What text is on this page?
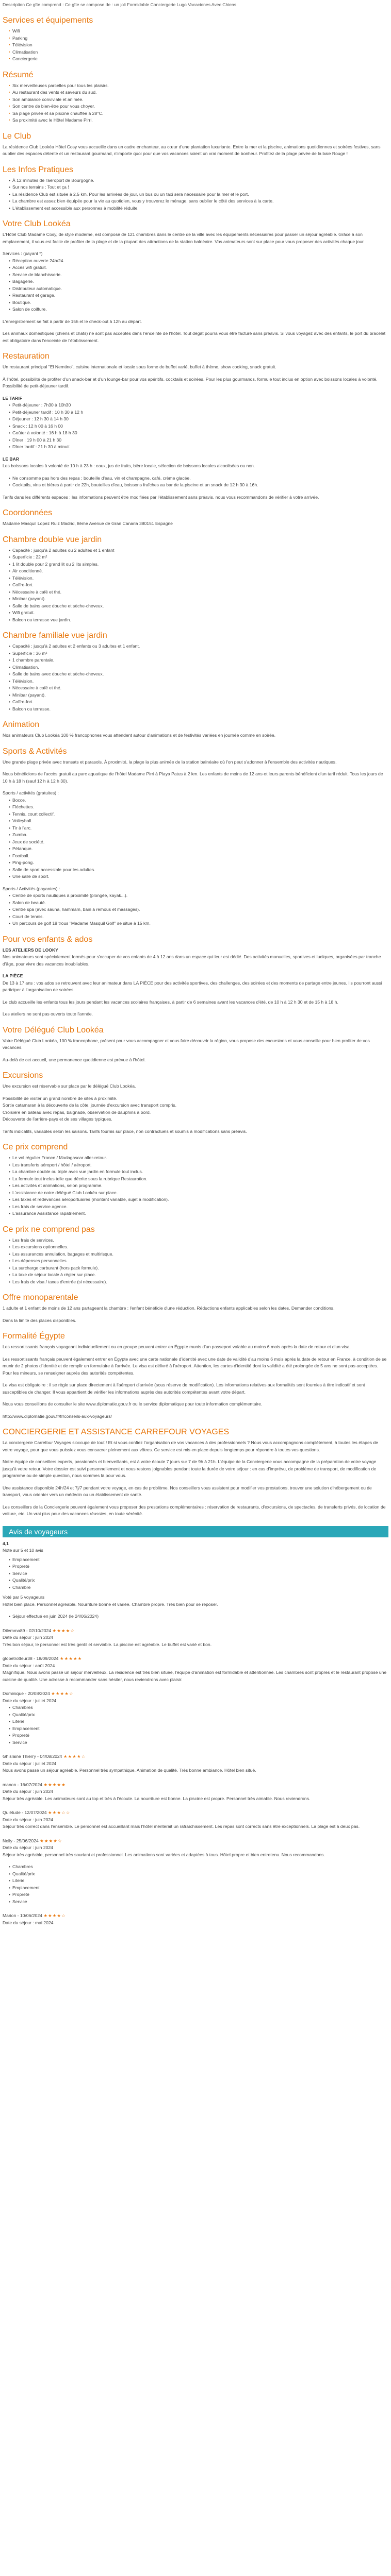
Description Ce gîte comprend : Ce gîte se compose de : un joli Formidable Conciergerie Lugo Vacaciones Avec Chiens
Services et équipements
▪ Wifi
▪ Parking
▪ Télévision
▪ Climatisation
▪ Conciergerie
Résumé
▪ Six merveilleuses parcelles pour tous les plaisirs.
▪ Au restaurant des vents et saveurs du sud.
▪ Son ambiance conviviale et animée.
▪ Son centre de bien-être pour vous choyer.
▪ Sa plage privée et sa piscine chauffée à 28°C.
▪ Sa proximité avec le Hôtel Madame Pirri.
Le Club

La résidence Club Lookéa Hôtel Cosy vous accueille dans un cadre enchanteur, au cœur d'une plantation luxuriante. Entre la mer et la piscine, animations quotidiennes et soirées festives, sans oublier des espaces détente et un restaurant gourmand, n'importe quoi pour que vos vacances soient un vrai moment de bonheur. Profitez de la plage privée de la baie Rouge !

Les Infos Pratiques
• À 12 minutes de l'aéroport de Bourgogne.
• Sur nos terrains : Tout et ça !
• La résidence Club est située à 2,5 km. Pour les arrivées de jour, un bus ou un taxi sera nécessaire pour la mer et le port.
• La chambre est assez bien équipée pour la vie au quotidien, vous y trouverez le ménage, sans oublier le côté des services à la carte.
• L'établissement est accessible aux personnes à mobilité réduite.
Votre Club Lookéa

L'Hôtel Club Madame Cosy, de style moderne, est composé de 121 chambres dans le centre de la ville avec les équipements nécessaires pour passer un séjour agréable. Grâce à son emplacement, il vous est facile de profiter de la plage et de la plupart des attractions de la station balnéaire. Vos animateurs sont sur place pour vous proposer des activités chaque jour.

Services : (payant *)
• Réception ouverte 24h/24.
• Accès wifi gratuit.
• Service de blanchisserie.
• Bagagerie.
• Distributeur automatique.
• Restaurant et garage.
• Boutique.
• Salon de coiffure.

L'enregistrement se fait à partir de 15h et le check-out à 12h au départ.

Les animaux domestiques (chiens et chats) ne sont pas acceptés dans l'enceinte de l'hôtel. Tout dégât pourra vous être facturé sans préavis. Si vous voyagez avec des enfants, le port du bracelet est obligatoire dans l'enceinte de l'établissement.

Restauration

Un restaurant principal "El Nemtino", cuisine internationale et locale sous forme de buffet varié, buffet à thème, show cooking, snack gratuit.

À l'hôtel, possibilité de profiter d'un snack-bar et d'un lounge-bar pour vos apéritifs, cocktails et soirées. Pour les plus gourmands, formule tout inclus en option avec boissons locales à volonté. Possibilité de petit-déjeuner tardif.

LE TARIF
• Petit-déjeuner : 7h30 à 10h30
• Petit-déjeuner tardif : 10 h 30 à 12 h
• Déjeuner : 12 h 30 à 14 h 30
• Snack : 12 h 00 à 16 h 00
• Goûter à volonté : 16 h à 18 h 30
• Dîner : 19 h 00 à 21 h 30
• Dîner tardif : 21 h 30 à minuit
LE BAR

Les boissons locales à volonté de 10 h à 23 h : eaux, jus de fruits, bière locale, sélection de boissons locales alcoolisées ou non.

• Ne consomme pas hors des repas : bouteille d'eau, vin et champagne, café, crème glacée.
• Cocktails, vins et bières à partir de 22h, bouteilles d'eau, boissons fraîches au bar de la piscine et un snack de 12 h 30 à 16h.

Tarifs dans les différents espaces : les informations peuvent être modifiées par l'établissement sans préavis, nous vous recommandons de vérifier à votre arrivée.

Coordonnées

Madame Masquil Lopez Ruiz Madrid, 8ème Avenue de Gran Canaria 380151 Espagne

Chambre double vue jardin
• Capacité : jusqu'à 2 adultes ou 2 adultes et 1 enfant
• Superficie : 22 m²
• 1 lit double pour 2 grand lit ou 2 lits simples.
• Air conditionné.
• Télévision.
• Coffre-fort.
• Nécessaire à café et thé.
• Minibar (payant).
• Salle de bains avec douche et sèche-cheveux.
• Wifi gratuit.
• Balcon ou terrasse vue jardin.
Chambre familiale vue jardin
• Capacité : jusqu'à 2 adultes et 2 enfants ou 3 adultes et 1 enfant.
• Superficie : 36 m²
• 1 chambre parentale.
• Climatisation.
• Salle de bains avec douche et sèche-cheveux.
• Télévision.
• Nécessaire à café et thé.
• Minibar (payant).
• Coffre-fort.
• Balcon ou terrasse.
Animation

Nos animateurs Club Lookéa 100 % francophones vous attendent autour d'animations et de festivités variées en journée comme en soirée.

Sports & Activités

Une grande plage privée avec transats et parasols. À proximité, la plage la plus animée de la station balnéaire où l'on peut s'adonner à l'ensemble des activités nautiques.

Nous bénéficions de l'accès gratuit au parc aquatique de l'hôtel Madame Pirri à Playa Patus à 2 km. Les enfants de moins de 12 ans et leurs parents bénéficient d'un tarif réduit. Tous les jours de 10 h à 18 h (sauf 12 h à 12 h 30).

Sports / activités (gratuites) :
• Bocce.
• Fléchettes.
• Tennis, court collectif.
• Volleyball.
• Tir à l'arc.
• Zumba.
• Jeux de société.
• Pétanque.
• Football.
• Ping-pong.
• Salle de sport accessible pour les adultes.
• Une salle de sport.
Sports / Activités (payantes) :
• Centre de sports nautiques à proximité (plongée, kayak...).
• Salon de beauté.
• Centre spa (avec sauna, hammam, bain à remous et massages).
• Court de tennis.
• Un parcours de golf 18 trous "Madame Masquil Golf" se situe à 15 km.
Pour vos enfants & ados
LES ATELIERS DE LOOKY

Nos animateurs sont spécialement formés pour s'occuper de vos enfants de 4 à 12 ans dans un espace qui leur est dédié. Des activités manuelles, sportives et ludiques, organisées par tranche d'âge, pour vivre des vacances inoubliables.

LA PIÈCE

De 13 à 17 ans : vos ados se retrouvent avec leur animateur dans LA PIÈCE pour des activités sportives, des challenges, des soirées et des moments de partage entre jeunes. Ils pourront aussi participer à l'organisation de soirées.

Le club accueille les enfants tous les jours pendant les vacances scolaires françaises, à partir de 6 semaines avant les vacances d'été, de 10 h à 12 h 30 et de 15 h à 18 h.

Les ateliers ne sont pas ouverts toute l'année.

Votre Délégué Club Lookéa

Votre Délégué Club Lookéa, 100 % francophone, présent pour vous accompagner et vous faire découvrir la région, vous propose des excursions et vous conseille pour bien profiter de vos vacances.

Au-delà de cet accueil, une permanence quotidienne est prévue à l'hôtel.

Excursions

Une excursion est réservable sur place par le délégué Club Lookéa.

Possibilité de visiter un grand nombre de sites à proximité.
Sortie catamaran à la découverte de la côte, journée d'excursion avec transport compris.
Croisière en bateau avec repas, baignade, observation de dauphins à bord.
Découverte de l'arrière-pays et de ses villages typiques.

Tarifs indicatifs, variables selon les saisons. Tarifs fournis sur place, non contractuels et soumis à modifications sans préavis.

Ce prix comprend
• Le vol régulier France / Madagascar aller-retour.
• Les transferts aéroport / hôtel / aéroport.
• La chambre double ou triple avec vue jardin en formule tout inclus.
• La formule tout inclus telle que décrite sous la rubrique Restauration.
• Les activités et animations, selon programme.
• L'assistance de notre délégué Club Lookéa sur place.
• Les taxes et redevances aéroportuaires (montant variable, sujet à modification).
• Les frais de service agence.
• L'assurance Assistance rapatriement.
Ce prix ne comprend pas
• Les frais de services.
• Les excursions optionnelles.
• Les assurances annulation, bagages et multirisque.
• Les dépenses personnelles.
• La surcharge carburant (hors pack formule).
• La taxe de séjour locale à régler sur place.
• Les frais de visa / taxes d'entrée (si nécessaire).
Offre monoparentale

1 adulte et 1 enfant de moins de 12 ans partageant la chambre : l'enfant bénéficie d'une réduction. Réductions enfants applicables selon les dates. Demander conditions.

Dans la limite des places disponibles.

Formalité Égypte

Les ressortissants français voyageant individuellement ou en groupe peuvent entrer en Égypte munis d'un passeport valable au moins 6 mois après la date de retour et d'un visa.

Les ressortissants français peuvent également entrer en Égypte avec une carte nationale d'identité avec une date de validité d'au moins 6 mois après la date de retour en France, à condition de se munir de 2 photos d'identité et de remplir un formulaire à l'arrivée. Le visa est délivré à l'aéroport. Attention, les cartes d'identité dont la validité a été prolongée de 5 ans ne sont pas acceptées. Pour les mineurs, se renseigner auprès des autorités compétentes.

Le visa est obligatoire : il se règle sur place directement à l'aéroport d'arrivée (sous réserve de modification). Les informations relatives aux formalités sont fournies à titre indicatif et sont susceptibles de changer. Il vous appartient de vérifier les informations auprès des autorités compétentes avant votre départ.

Nous vous conseillons de consulter le site www.diplomatie.gouv.fr ou le service diplomatique pour toute information complémentaire.

http://www.diplomatie.gouv.fr/fr/conseils-aux-voyageurs/

CONCIERGERIE ET ASSISTANCE CARREFOUR VOYAGES

La conciergerie Carrefour Voyages s'occupe de tout ! Et si vous confiez l'organisation de vos vacances à des professionnels ? Nous vous accompagnons complètement, à toutes les étapes de votre voyage, pour que vous puissiez vous consacrer pleinement aux vôtres. Ce service est mis en place depuis longtemps pour répondre à toutes vos questions.

Notre équipe de conseillers experts, passionnés et bienveillants, est à votre écoute 7 jours sur 7 de 9h à 21h. L'équipe de la Conciergerie vous accompagne de la préparation de votre voyage jusqu'à votre retour. Votre dossier est suivi personnellement et nous restons joignables pendant toute la durée de votre séjour : en cas d'imprévu, de problème de transport, de modification de programme ou de simple question, nous sommes là pour vous.

Une assistance disponible 24h/24 et 7j/7 pendant votre voyage, en cas de problème. Nos conseillers vous assistent pour modifier vos prestations, trouver une solution d'hébergement ou de transport, vous orienter vers un médecin ou un établissement de santé.

Les conseillers de la Conciergerie peuvent également vous proposer des prestations complémentaires : réservation de restaurants, d'excursions, de spectacles, de transferts privés, de location de voiture, etc. Un vrai plus pour des vacances réussies, en toute sérénité.

Avis de voyageurs
4,1
Note sur 5 et 10 avis
• Emplacement
• Propreté
• Service
• Qualité/prix
• Chambre
Voté par 5 voyageurs

Hôtel bien placé. Personnel agréable. Nourriture bonne et variée. Chambre propre. Très bien pour se reposer.

• Séjour effectué en juin 2024 (le 24/06/2024)
Dilemma89 - 02/10/2024 ★★★★☆
Date du séjour : juin 2024

Très bon séjour, le personnel est très gentil et serviable. La piscine est agréable. Le buffet est varié et bon.

globetrotteur38 - 18/09/2024 ★★★★★
Date du séjour : août 2024

Magnifique. Nous avons passé un séjour merveilleux. La résidence est très bien située, l'équipe d'animation est formidable et attentionnée. Les chambres sont propres et le restaurant propose une cuisine de qualité. Une adresse à recommander sans hésiter, nous reviendrons avec plaisir.

Dominique - 20/08/2024 ★★★★☆
Date du séjour : juillet 2024
• Chambres
• Qualité/prix
• Literie
• Emplacement
• Propreté
• Service
Ghislaine Thierry - 04/08/2024 ★★★★☆
Date du séjour : juillet 2024

Nous avons passé un séjour agréable. Personnel très sympathique. Animation de qualité. Très bonne ambiance. Hôtel bien situé.

manon - 16/07/2024 ★★★★★
Date du séjour : juin 2024

Séjour très agréable. Les animateurs sont au top et très à l'écoute. La nourriture est bonne. La piscine est propre. Personnel très aimable. Nous reviendrons.

Quiétude - 12/07/2024 ★★★☆☆
Date du séjour : juin 2024

Séjour très correct dans l'ensemble. Le personnel est accueillant mais l'hôtel mériterait un rafraîchissement. Les repas sont corrects sans être exceptionnels. La plage est à deux pas.

Nelly - 25/06/2024 ★★★★☆
Date du séjour : juin 2024

Séjour très agréable, personnel très souriant et professionnel. Les animations sont variées et adaptées à tous. Hôtel propre et bien entretenu. Nous recommandons.

• Chambres
• Qualité/prix
• Literie
• Emplacement
• Propreté
• Service
Marion - 10/06/2024 ★★★★☆
Date du séjour : mai 2024
